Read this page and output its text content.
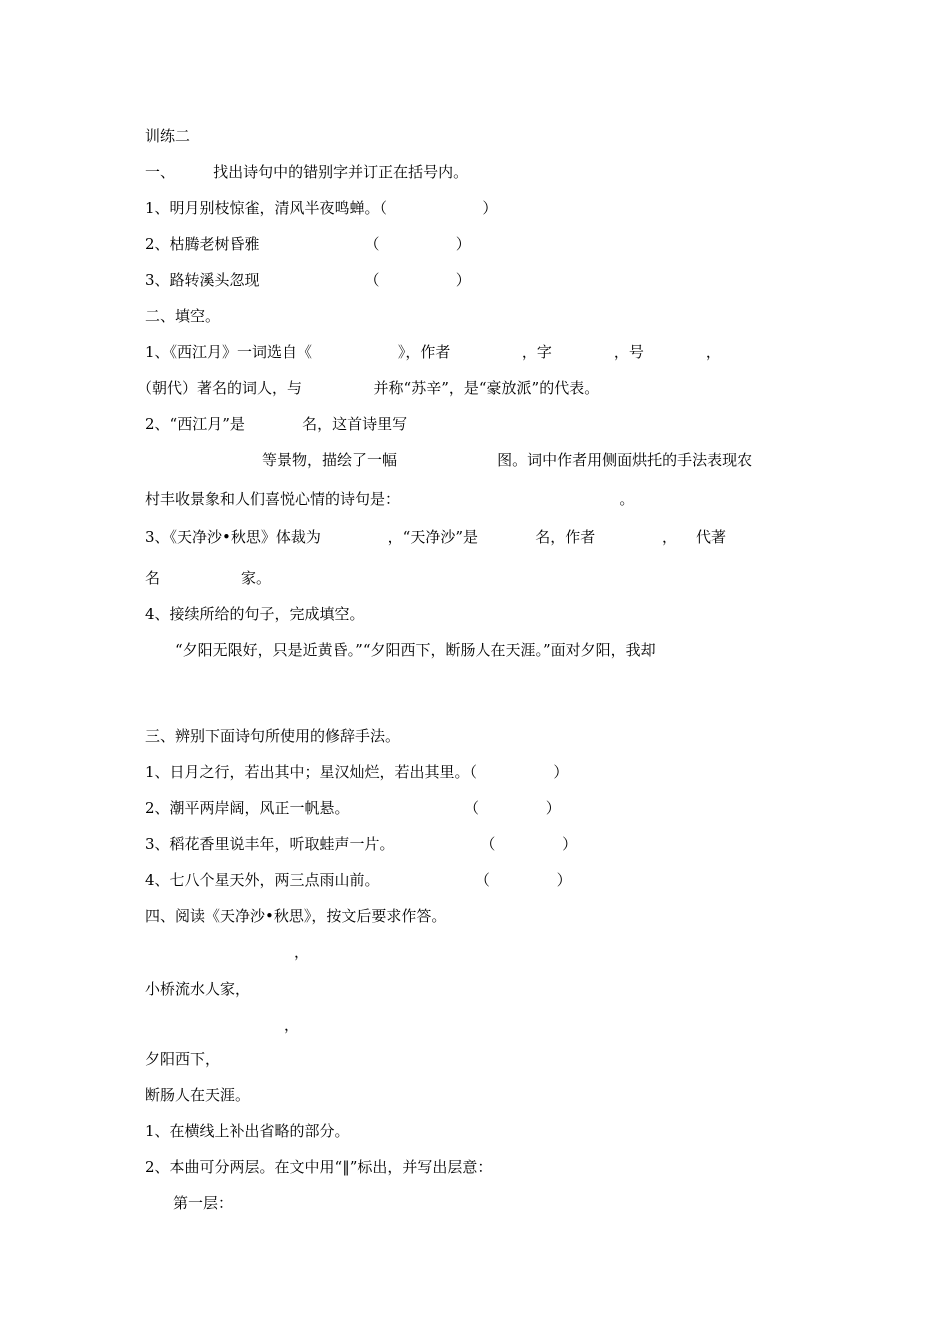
训练二
一、        找出诗句中的错别字并订正在括号内。
1、明月别枝惊雀，清风半夜鸣蝉。（                    ）
2、枯腾老树昏雅                      （                ）
3、路转溪头忽现                      （                ）
二、填空。
1、《西江月》一词选自《                  》，作者               ，字             ，号             ，
（朝代）著名的词人，与               并称“苏辛”，是“豪放派”的代表。
2、“西江月”是            名，这首诗里写
等景物，描绘了一幅                     图。词中作者用侧面烘托的手法表现农
村丰收景象和人们喜悦心情的诗句是：                                              。
3、《天净沙•秋思》体裁为              ，“天净沙”是            名，作者              ，    代著
名                 家。
4、接续所给的句子，完成填空。
“夕阳无限好，只是近黄昏。”“夕阳西下，断肠人在天涯。”面对夕阳，我却
三、辨别下面诗句所使用的修辞手法。
1、日月之行，若出其中；星汉灿烂，若出其里。（                ）
2、潮平两岸阔，风正一帆悬。                        （              ）
3、稻花香里说丰年，听取蛙声一片。                  （              ）
4、七八个星天外，两三点雨山前。                    （              ）
四、阅读《天净沙•秋思》，按文后要求作答。
，
小桥流水人家，
，
夕阳西下，
断肠人在天涯。
1、在横线上补出省略的部分。
2、本曲可分两层。在文中用“‖”标出，并写出层意：
第一层：
